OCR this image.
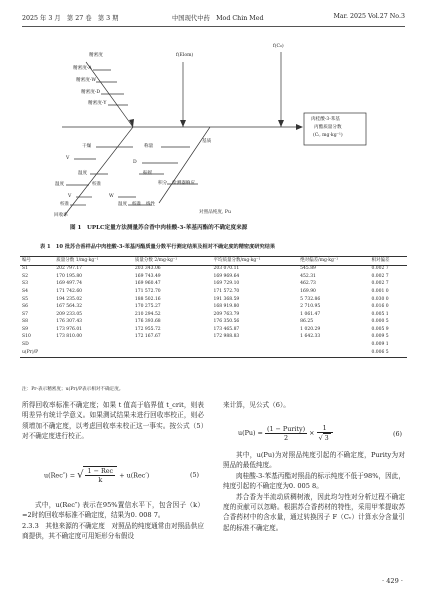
2025 年 3 月　第 27 卷　第 3 期	中国现代中药　Mod Chin Med	Mar. 2025 Vol.27 No.3
精密度	f(Elom)
f(C₀)
精密度-A
精密度-W
精密度-D
精密度-Y
干燥	称量
V
D
温度	振摇
积分 检测器响应
温度	校准
V	W
校准	温度 校准 线性
回收率
对照品纯度, Pu
基质
肉桂酸-3-苯基
丙酯质量分数
(Cᵢ, mg·kg⁻¹)
图 1　UPLC定量方法测量苏合香中肉桂酸-3-苯基丙酯的不确定度来源
表 1　10 批苏合香样品中肉桂酸-3-苯基丙酯质量分数平行测定结果及相对不确定度的精密度研究结果
编号	质量分数 1/mg·kg⁻¹	质量分数 2/mg·kg⁻¹	平均质量分数/mg·kg⁻¹	绝对偏差/mg·kg⁻¹	相对偏差
S1	202 797.17	203 343.06	203 070.11	545.89	0.002 7
S2	170 195.80	169 743.49	169 969.64	452.31	0.002 7
S3	169 497.74	169 960.47	169 729.10	462.73	0.002 7
S4	171 742.60	171 572.70	171 572.70	169.90	0.001 0
S5	194 235.02	188 502.16	191 368.59	5 732.86	0.030 0
S6	167 564.32	170 275.27	168 919.80	2 710.95	0.016 0
S7	209 233.05	210 294.52	209 763.79	1 061.47	0.005 1
S8	176 307.43	176 393.68	176 350.56	86.25	0.000 5
S9	173 976.01	172 955.72	173 465.87	1 020.29	0.005 9
S10	173 810.00	172 167.67	172 988.83	1 642.33	0.009 5
SD					0.009 1
u(Pr)/P					0.006 5
注：Pr-表示精密度；u(Pr)/P表示相对不确定度。

所得回收率标准不确定度；如果 t 值高于临界值 t_crit，则表明差异有统计学意义。如果测试结果未进行回收率校正，则必须增加不确定度，以考虑回收率未校正这一事实。按公式（5）对不确定度进行校正。

u(Rec″) = √ $\frac{\text{1 − Rec}}{k} + u(Rec')$	(5)

式中，u(Rec″) 表示在95%置信水平下，包含因子（k）=2时的回收率标准不确定度，结果为0. 008 7。

2.3.3　其他来源的不确定度　对照品的纯度通常由对照品供应商提供，其不确定度可用矩形分布假设

来计算，见公式（6）。

$u(Pu) = \frac{\text{(1 − Purity)}}{2} \times \frac{1}{√ 3}$	(6)

其中，u(Pu)为对照品纯度引起的不确定度，Purity为对照品的最低纯度。

肉桂酸-3-苯基丙酯对照品的标示纯度不低于98%，因此，纯度引起的不确定度为0. 005 8。

苏合香为半流动质稠树液，因此均匀性对分析过程不确定度的贡献可以忽略。根据苏合香药材的特性，采用甲苯提取苏合香药材中的含水量，通过转换因子 F（Cᵥ）计算水分含量引起的标准不确定度。

· 429 ·
